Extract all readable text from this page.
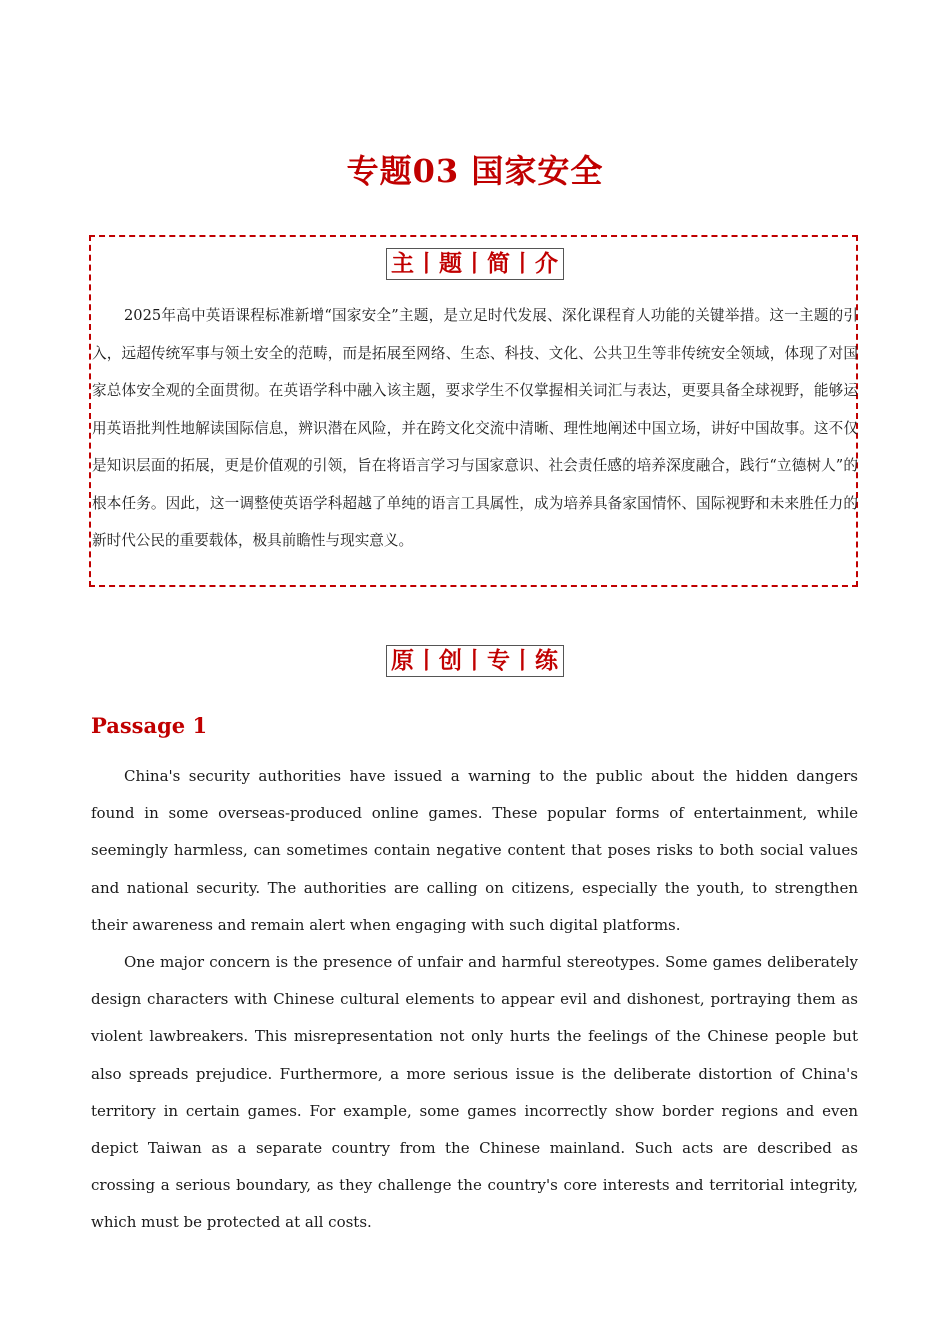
专题03 国家安全
主丨题丨简丨介

2025年高中英语课程标准新增“国家安全”主题，是立足时代发展、深化课程育人功能的关键举措。这一主题的引入，远超传统军事与领土安全的范畴，而是拓展至网络、生态、科技、文化、公共卫生等非传统安全领域，体现了对国家总体安全观的全面贯彻。在英语学科中融入该主题，要求学生不仅掌握相关词汇与表达，更要具备全球视野，能够运用英语批判性地解读国际信息，辨识潜在风险，并在跨文化交流中清晰、理性地阐述中国立场，讲好中国故事。这不仅是知识层面的拓展，更是价值观的引领，旨在将语言学习与国家意识、社会责任感的培养深度融合，践行“立德树人”的根本任务。因此，这一调整使英语学科超越了单纯的语言工具属性，成为培养具备家国情怀、国际视野和未来胜任力的新时代公民的重要载体，极具前瞻性与现实意义。

原丨创丨专丨练
Passage 1

China's security authorities have issued a warning to the public about the hidden dangers found in some overseas-produced online games. These popular forms of entertainment, while seemingly harmless, can sometimes contain negative content that poses risks to both social values and national security. The authorities are calling on citizens, especially the youth, to strengthen their awareness and remain alert when engaging with such digital platforms.

One major concern is the presence of unfair and harmful stereotypes. Some games deliberately design characters with Chinese cultural elements to appear evil and dishonest, portraying them as violent lawbreakers. This misrepresentation not only hurts the feelings of the Chinese people but also spreads prejudice. Furthermore, a more serious issue is the deliberate distortion of China's territory in certain games. For example, some games incorrectly show border regions and even depict Taiwan as a separate country from the Chinese mainland. Such acts are described as crossing a serious boundary, as they challenge the country's core interests and territorial integrity, which must be protected at all costs.
